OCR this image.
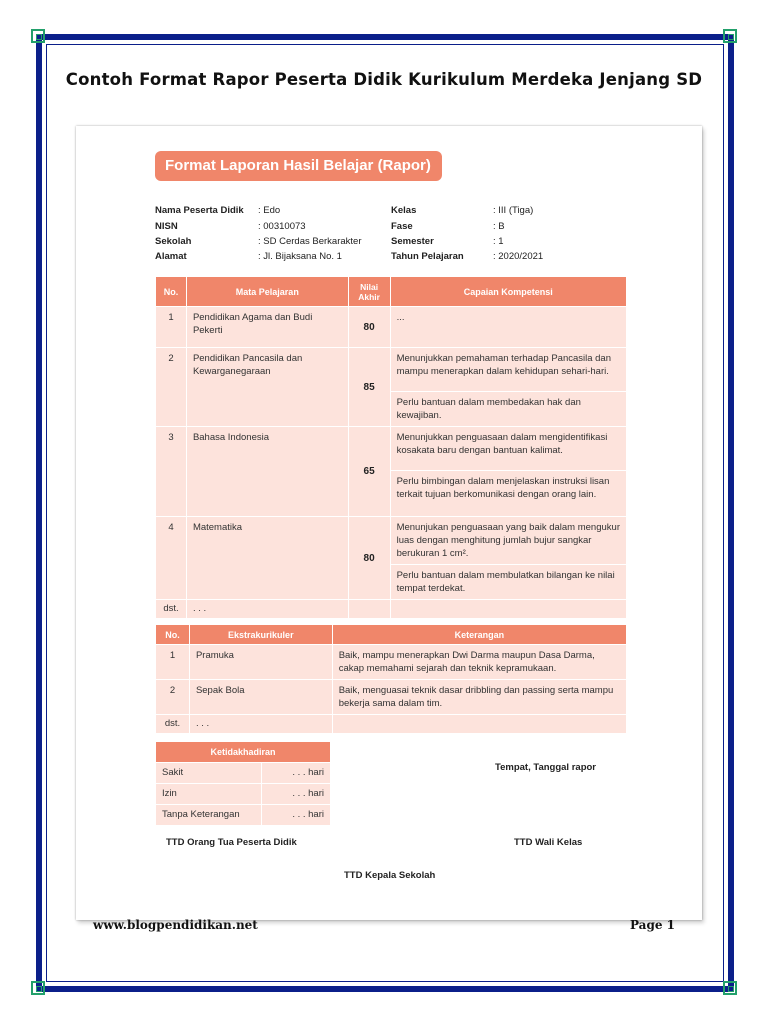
Contoh Format Rapor Peserta Didik Kurikulum Merdeka Jenjang SD
Format Laporan Hasil Belajar (Rapor)
Nama Peserta Didik : Edo
NISN	: 00310073
Sekolah	: SD Cerdas Berkarakter
Alamat	: Jl. Bijaksana No. 1
Kelas	: III (Tiga)
Fase	: B
Semester	: 1
Tahun Pelajaran	: 2020/2021
No.	Mata Pelajaran	Nilai Akhir	Capaian Kompetensi
1	Pendidikan Agama dan Budi Pekerti	80	...
2	Pendidikan Pancasila dan Kewarganegaraan	85	Menunjukkan pemahaman terhadap Pancasila dan mampu menerapkan dalam kehidupan sehari-hari.
			Perlu bantuan dalam membedakan hak dan kewajiban.
3	Bahasa Indonesia	65	Menunjukkan penguasaan dalam mengidentifikasi kosakata baru dengan bantuan kalimat.
			Perlu bimbingan dalam menjelaskan instruksi lisan terkait tujuan berkomunikasi dengan orang lain.
4	Matematika	80	Menunjukan penguasaan yang baik dalam mengukur luas dengan menghitung jumlah bujur sangkar berukuran 1 cm².
			Perlu bantuan dalam membulatkan bilangan ke nilai tempat terdekat.
dst.	. . .		
No.	Ekstrakurikuler	Keterangan
1	Pramuka	Baik, mampu menerapkan Dwi Darma maupun Dasa Darma, cakap memahami sejarah dan teknik kepramukaan.
2	Sepak Bola	Baik, menguasai teknik dasar dribbling dan passing serta mampu bekerja sama dalam tim.
dst.	. . .	
Ketidakhadiran	
Sakit	. . . hari
Izin	. . . hari
Tanpa Keterangan	. . . hari
Tempat, Tanggal rapor
TTD Orang Tua Peserta Didik	TTD Wali Kelas
TTD Kepala Sekolah
www.blogpendidikan.net	Page 1
